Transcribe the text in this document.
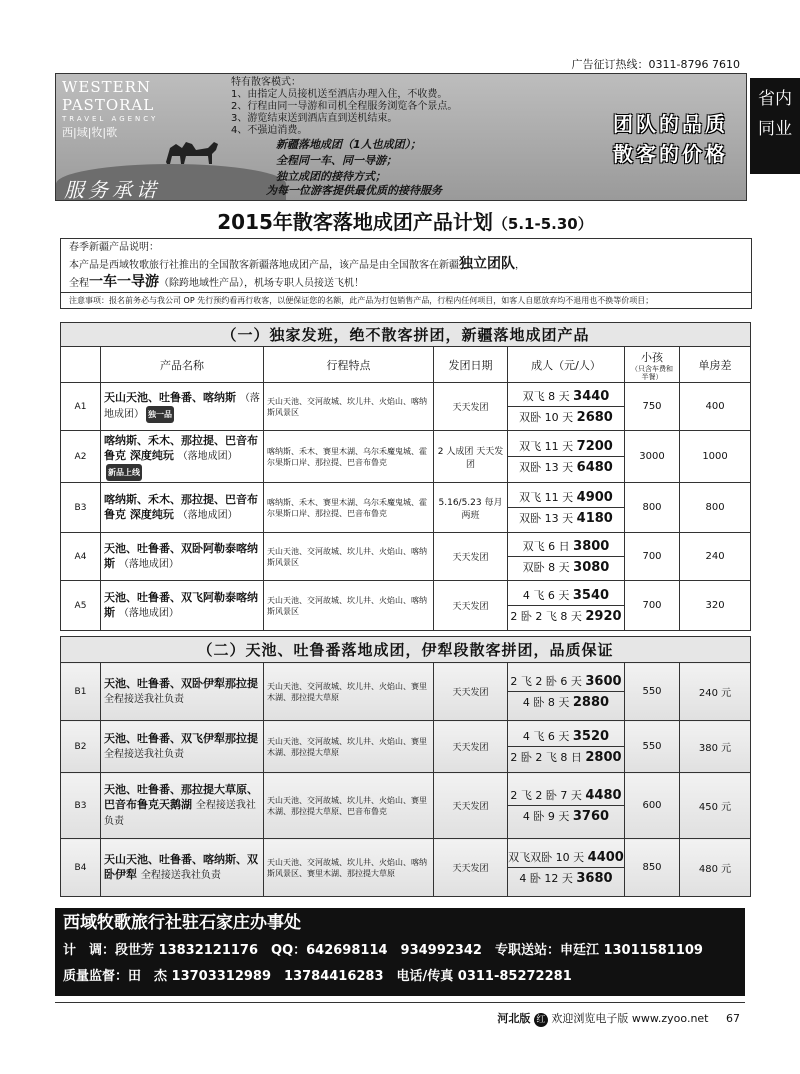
广告征订热线：0311-8796 7610
省内
同业
WESTERN PASTORAL
TRAVEL AGENCY
西|域|牧|歌
服务承诺
特有散客模式：
1、由指定人员接机送至酒店办理入住，不收费。
2、行程由同一导游和司机全程服务浏览各个景点。
3、游览结束送到酒店直到送机结束。
4、不强迫消费。	团队的品质
散客的价格
新疆落地成团（1人也成团）；
全程同一车、同一导游；
独立成团的接待方式；
为每一位游客提供最优质的接待服务
2015年散客落地成团产品计划（5.1-5.30）
春季新疆产品说明：
本产品是西域牧歌旅行社推出的全国散客新疆落地成团产品，该产品是由全国散客在新疆独立团队，
全程一车一导游（除跨地域性产品），机场专职人员接送飞机！
注意事项：报名前务必与我公司 OP 先行预约看再行收客，以便保证您的名额，此产品为打包销售产品，行程内任何项目，如客人自愿放弃均不退用也不换等价项目；
（一）独家发班，绝不散客拼团，新疆落地成团产品						
	产品名称	行程特点	发团日期	成人（元/人）	小孩
（只含车费和半餐）	单房差
A1	天山天池、吐鲁番、喀纳斯 （落地成团） 独一品	天山天池、交河故城、坎儿井、火焰山、喀纳斯风景区	天天发团	双飞 8 天 3440
双卧 10 天 2680	750	400
A2	喀纳斯、禾木、那拉提、巴音布鲁克 深度纯玩 （落地成团）新品上线	喀纳斯、禾木、赛里木湖、乌尔禾魔鬼城、霍尔果斯口岸、那拉提、巴音布鲁克	2 人成团 天天发团	双飞 11 天 7200
双卧 13 天 6480	3000	1000
B3	喀纳斯、禾木、那拉提、巴音布鲁克 深度纯玩 （落地成团）	喀纳斯、禾木、赛里木湖、乌尔禾魔鬼城、霍尔果斯口岸、那拉提、巴音布鲁克	5.16/5.23 每月两班	双飞 11 天 4900
双卧 13 天 4180	800	800
A4	天池、吐鲁番、双卧阿勒泰喀纳斯 （落地成团）	天山天池、交河故城、坎儿井、火焰山、喀纳斯风景区	天天发团	双飞 6 日 3800
双卧 8 天 3080	700	240
A5	天池、吐鲁番、双飞阿勒泰喀纳斯 （落地成团）	天山天池、交河故城、坎儿井、火焰山、喀纳斯风景区	天天发团	4 飞 6 天 3540
2 卧 2 飞 8 天 2920	700	320
（二）天池、吐鲁番落地成团，伊犁段散客拼团，品质保证						
B1	天池、吐鲁番、双卧伊犁那拉提 全程接送我社负责	天山天池、交河故城、坎儿井、火焰山、赛里木湖、那拉提大草原	天天发团	2 飞 2 卧 6 天 3600
4 卧 8 天 2880	550	240 元
B2	天池、吐鲁番、双飞伊犁那拉提 全程接送我社负责	天山天池、交河故城、坎儿井、火焰山、赛里木湖、那拉提大草原	天天发团	4 飞 6 天 3520
2 卧 2 飞 8 日 2800	550	380 元
B3	天池、吐鲁番、那拉提大草原、巴音布鲁克天鹅湖 全程接送我社负责	天山天池、交河故城、坎儿井、火焰山、赛里木湖、那拉提大草原、巴音布鲁克	天天发团	2 飞 2 卧 7 天 4480
4 卧 9 天 3760	600	450 元
B4	天山天池、吐鲁番、喀纳斯、双卧伊犁 全程接送我社负责	天山天池、交河故城、坎儿井、火焰山、喀纳斯风景区、赛里木湖、那拉提大草原	天天发团	双飞双卧 10 天 4400
4 卧 12 天 3680	850	480 元
西域牧歌旅行社驻石家庄办事处
计　调：段世芳 13832121176　QQ：642698114　934992342　专职送站：申廷江 13011581109
质量监督：田　杰 13703312989　13784416283　电话/传真 0311-85272281
河北版 红 欢迎浏览电子版 www.zyoo.net 67
